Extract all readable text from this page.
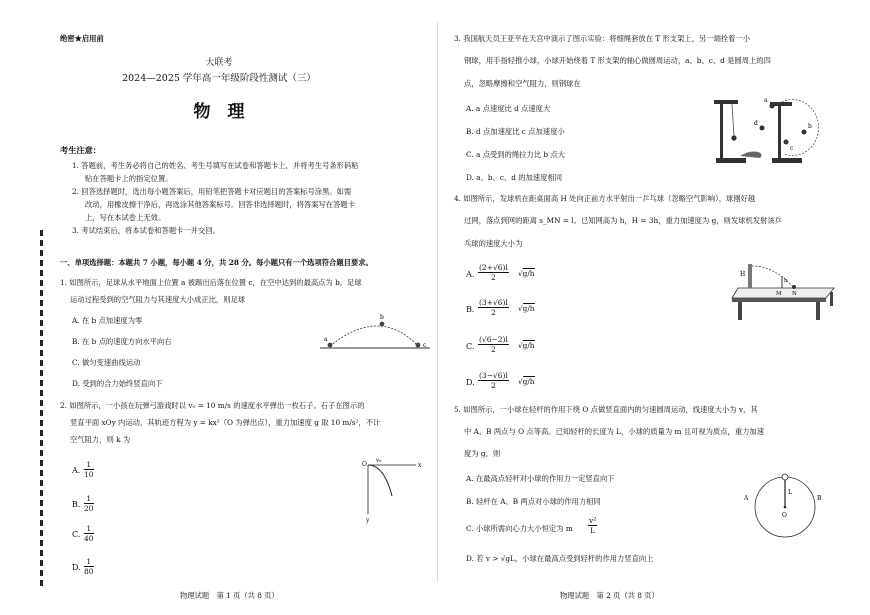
绝密★启用前
大联考
2024—2025 学年高一年级阶段性测试（三）
物　理
考生注意：
1. 答题前，考生务必将自己的姓名、考生号填写在试卷和答题卡上，并将考生号条形码粘
贴在答题卡上的指定位置。
2. 回答选择题时，选出每小题答案后，用铅笔把答题卡对应题目的答案标号涂黑。如需
改动，用橡皮擦干净后，再选涂其他答案标号。回答非选择题时，将答案写在答题卡
上，写在本试卷上无效。
3. 考试结束后，将本试卷和答题卡一并交回。
一、单项选择题：本题共 7 小题，每小题 4 分，共 28 分。每小题只有一个选项符合题目要求。
1. 如图所示，足球从水平地面上位置 a 被踢出后落在位置 c，在空中达到的最高点为 b。足球
运动过程受到的空气阻力与其速度大小成正比，则足球
A. 在 b 点加速度为零
B. 在 b 点的速度方向水平向右
C. 做匀变速曲线运动
D. 受到的合力始终竖直向下
a
b
c
2. 如图所示，一小孩在玩弹弓游戏时以 v₀ = 10 m/s 的速度水平弹出一枚石子。石子在图示的
竖直平面 xOy 内运动，其轨迹方程为 y = kx²（O 为弹出点），重力加速度 g 取 10 m/s²，不计
空气阻力，则 k 为
A. $\frac{1}{10}$
B. $\frac{1}{20}$
C. $\frac{1}{40}$
D. $\frac{1}{80}$
O v₀
x
y
物理试题　第 1 页（共 8 页）
3. 我国航天员王亚平在天宫中演示了图示实验：将细绳套放在 T 形支架上，另一端拴着一小
钢球，用手指轻推小球，小球开始绕着 T 形支架的轴心做圆周运动，a、b、c、d 是圆周上的四
点，忽略摩擦和空气阻力，则钢球在
A. a 点速度比 d 点速度大
B. d 点加速度比 c 点加速度小
C. a 点受到的绳拉力比 b 点大
D. a、b、c、d 的加速度相同
a
b
c
d
4. 如图所示，发球机在距桌面高 H 处向正前方水平射出一乒乓球（忽略空气影响），球刚好越
过网，落点到网的距离 s_MN = l。已知网高为 h，H = 3h，重力加速度为 g，则发球机发射该乒
乓球的速度大小为
A. $\frac{(2+√6)l}{2} √g/h$
B. $\frac{(3+√6)l}{2} √g/h$
C. $\frac{(√6-2)l}{2} √g/h$
D. $\frac{(3-√6)l}{2} √g/h$
H
h
M N
5. 如图所示，一小球在轻杆的作用下绕 O 点做竖直面内的匀速圆周运动，线速度大小为 v，其
中 A、B 两点与 O 点等高。已知轻杆的长度为 L，小球的质量为 m 且可视为质点，重力加速
度为 g，则
A. 在最高点轻杆对小球的作用力一定竖直向下
B. 轻杆在 A、B 两点对小球的作用力相同
C. 小球所需向心力大小恒定为 m $\frac{\text{v²}}{L}$
D. 若 v > √gL，小球在最高点受到轻杆的作用力竖直向上
A	B
O
L
物理试题　第 2 页（共 8 页）
